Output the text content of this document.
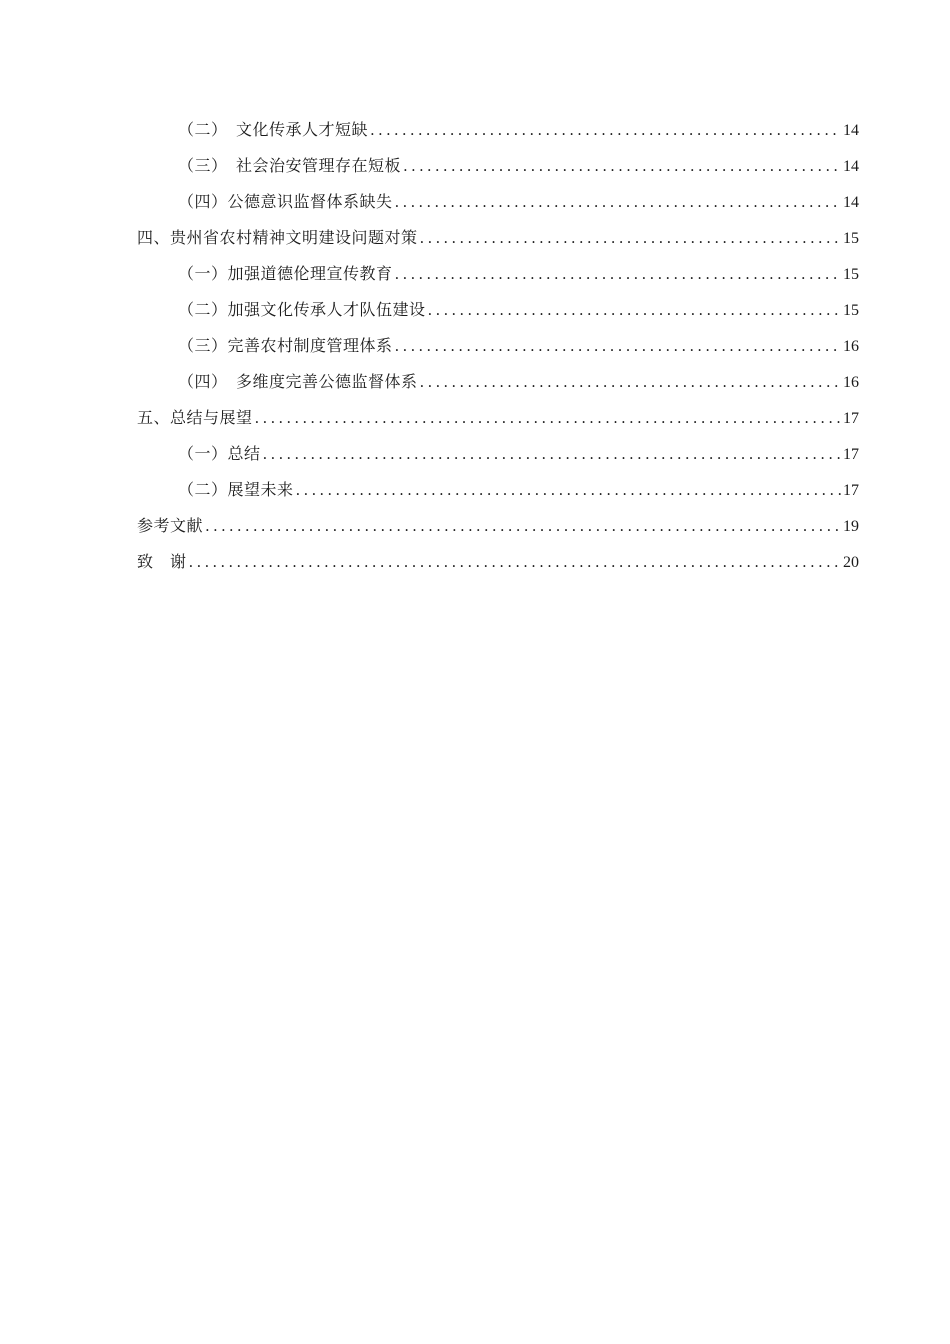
（二）　文化传承人才短缺 .....	14
（三）　社会治安管理存在短板 .....	14
（四）公德意识监督体系缺失 .....	14
四、贵州省农村精神文明建设问题对策 .....	15
（一）加强道德伦理宣传教育 .....	15
（二）加强文化传承人才队伍建设 .....	15
（三）完善农村制度管理体系 .....	16
（四）　多维度完善公德监督体系 .....	16
五、总结与展望 .....	17
（一）总结 .....	17
（二）展望未来 .....	17
参考文献 .....	19
致　谢 .....	20
